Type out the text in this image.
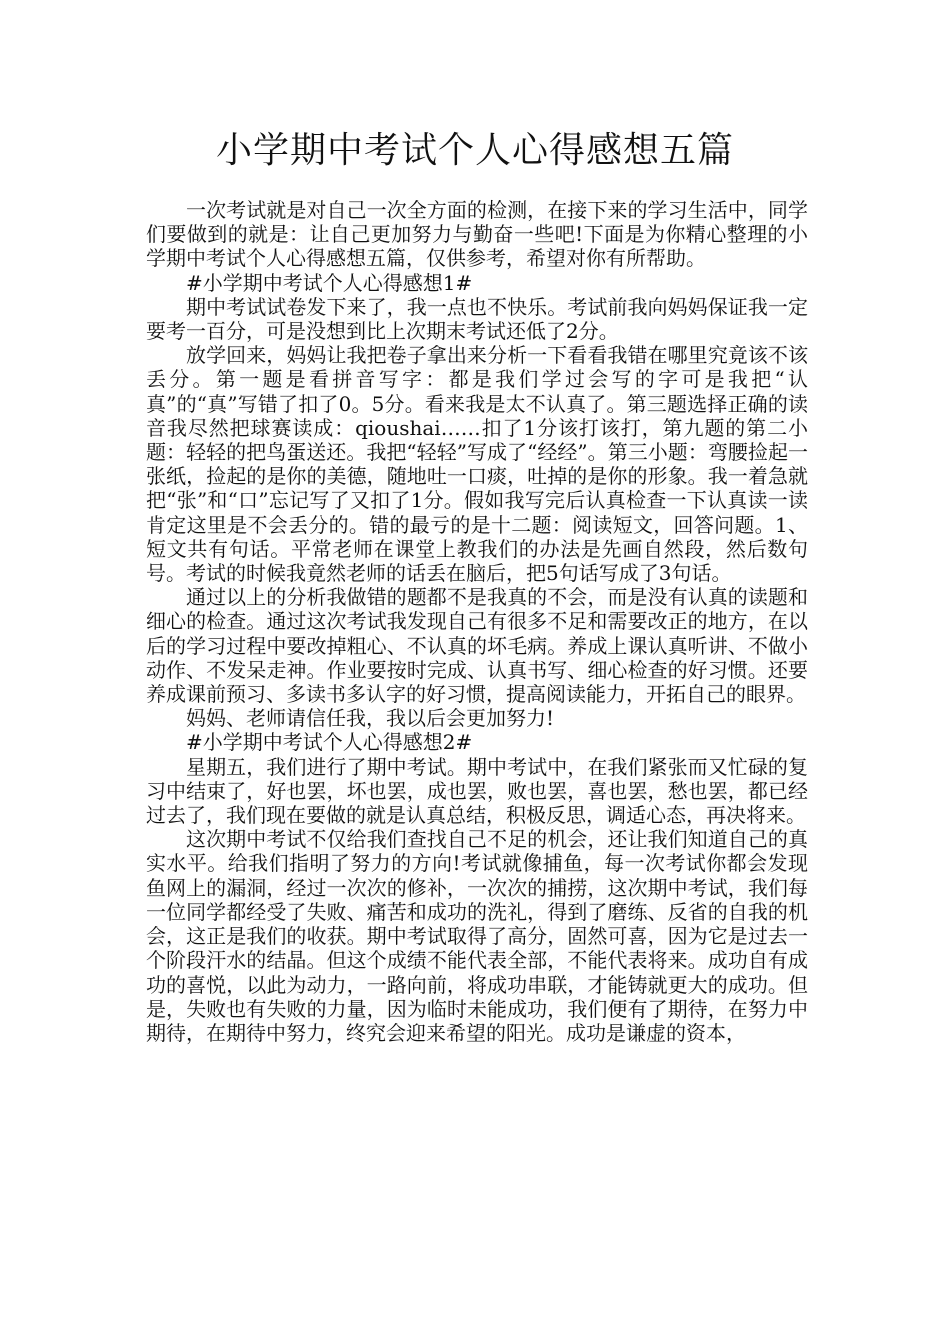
小学期中考试个人心得感想五篇

一次考试就是对自己一次全方面的检测，在接下来的学习生活中，同学们要做到的就是：让自己更加努力与勤奋一些吧!下面是为你精心整理的小学期中考试个人心得感想五篇，仅供参考，希望对你有所帮助。

#小学期中考试个人心得感想1#

期中考试试卷发下来了，我一点也不快乐。考试前我向妈妈保证我一定要考一百分，可是没想到比上次期末考试还低了2分。

放学回来，妈妈让我把卷子拿出来分析一下看看我错在哪里究竟该不该丢分。第一题是看拼音写字：都是我们学过会写的字可是我把“认真”的“真”写错了扣了0。5分。看来我是太不认真了。第三题选择正确的读音我尽然把球赛读成：qioushai……扣了1分该打该打，第九题的第二小题：轻轻的把鸟蛋送还。我把“轻轻”写成了“经经”。第三小题：弯腰捡起一张纸，捡起的是你的美德，随地吐一口痰，吐掉的是你的形象。我一着急就把“张”和“口”忘记写了又扣了1分。假如我写完后认真检查一下认真读一读肯定这里是不会丢分的。错的最亏的是十二题：阅读短文，回答问题。1、短文共有句话。平常老师在课堂上教我们的办法是先画自然段，然后数句号。考试的时候我竟然老师的话丢在脑后，把5句话写成了3句话。

通过以上的分析我做错的题都不是我真的不会，而是没有认真的读题和细心的检查。通过这次考试我发现自己有很多不足和需要改正的地方，在以后的学习过程中要改掉粗心、不认真的坏毛病。养成上课认真听讲、不做小动作、不发呆走神。作业要按时完成、认真书写、细心检查的好习惯。还要养成课前预习、多读书多认字的好习惯，提高阅读能力，开拓自己的眼界。

妈妈、老师请信任我，我以后会更加努力!

#小学期中考试个人心得感想2#

星期五，我们进行了期中考试。期中考试中，在我们紧张而又忙碌的复习中结束了，好也罢，坏也罢，成也罢，败也罢，喜也罢，愁也罢，都已经过去了，我们现在要做的就是认真总结，积极反思，调适心态，再决将来。

这次期中考试不仅给我们查找自己不足的机会，还让我们知道自己的真实水平。给我们指明了努力的方向!考试就像捕鱼，每一次考试你都会发现鱼网上的漏洞，经过一次次的修补，一次次的捕捞，这次期中考试，我们每一位同学都经受了失败、痛苦和成功的洗礼，得到了磨练、反省的自我的机会，这正是我们的收获。期中考试取得了高分，固然可喜，因为它是过去一个阶段汗水的结晶。但这个成绩不能代表全部，不能代表将来。成功自有成功的喜悦，以此为动力，一路向前，将成功串联，才能铸就更大的成功。但是，失败也有失败的力量，因为临时未能成功，我们便有了期待，在努力中期待，在期待中努力，终究会迎来希望的阳光。成功是谦虚的资本，
